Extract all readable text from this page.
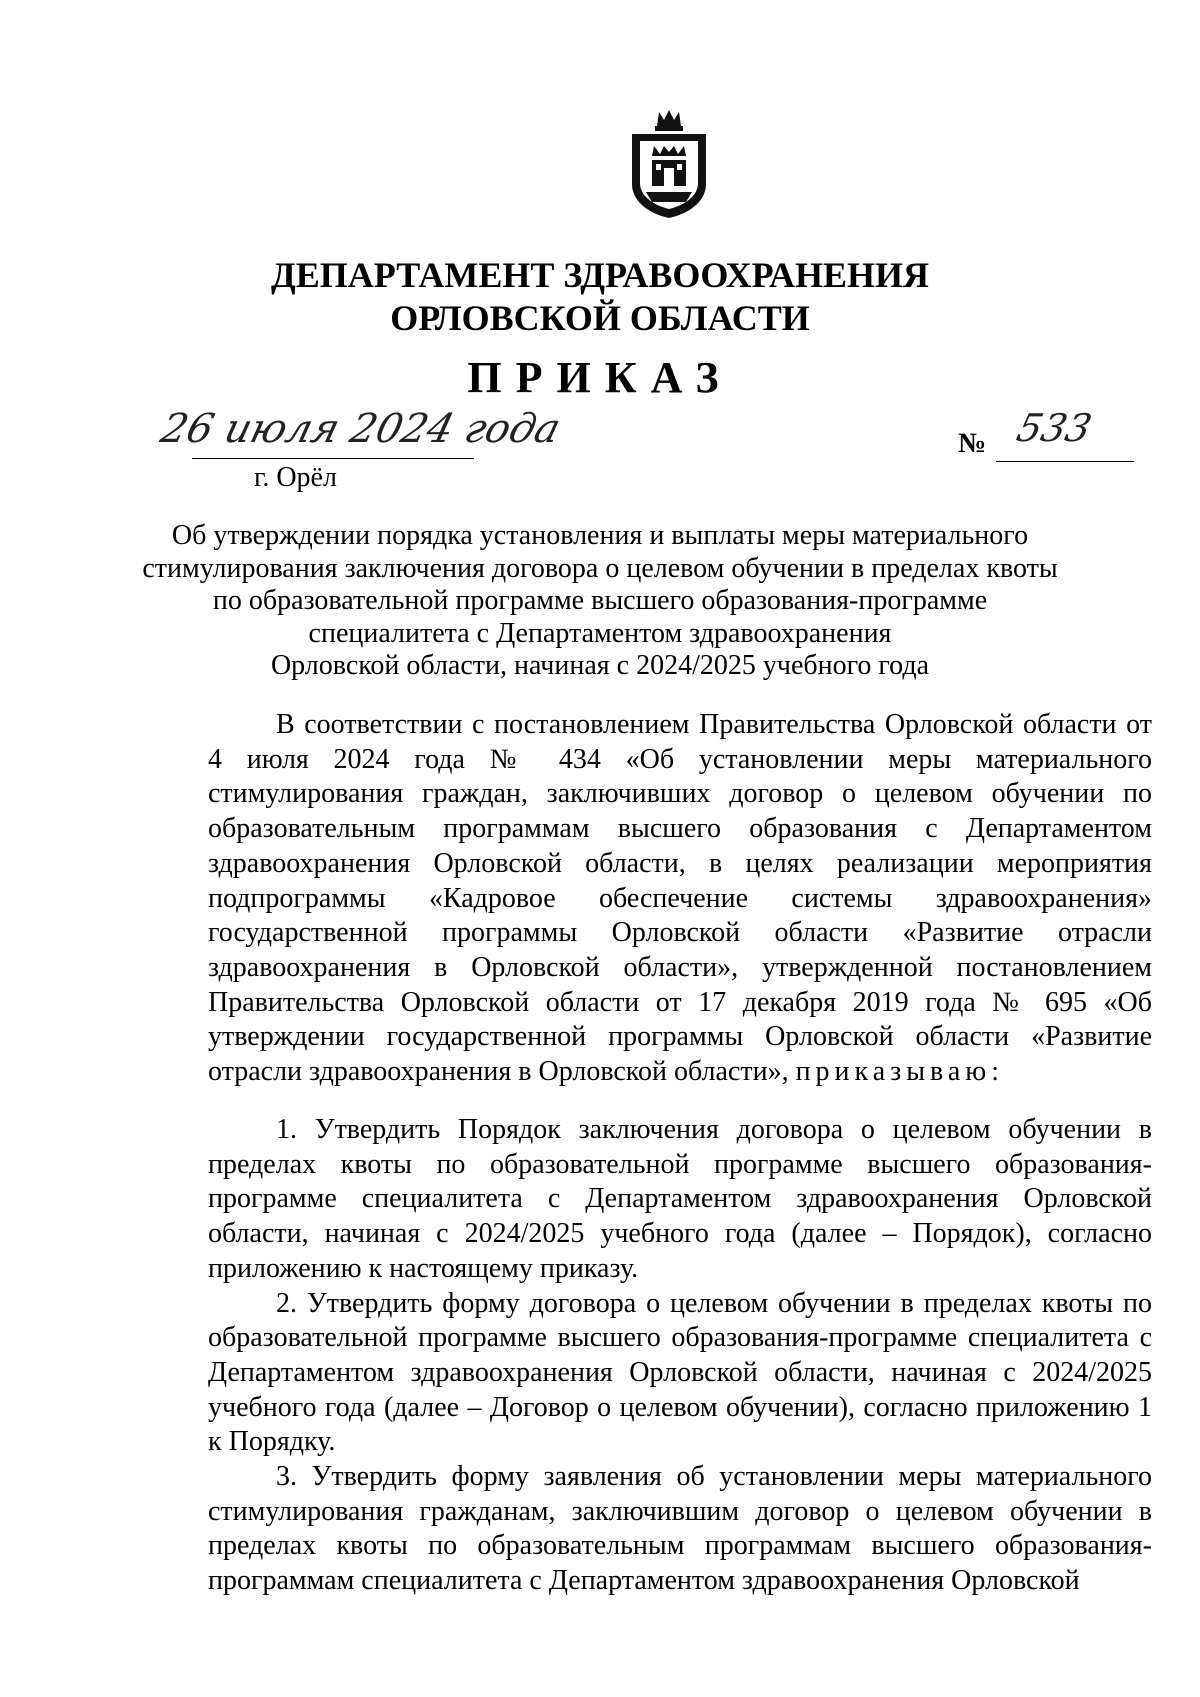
ДЕПАРТАМЕНТ ЗДРАВООХРАНЕНИЯ
ОРЛОВСКОЙ ОБЛАСТИ
ПРИКАЗ
26 июля 2024 года	№ 533
г. Орёл
Об утверждении порядка установления и выплаты меры материального
стимулирования заключения договора о целевом обучении в пределах квоты
по образовательной программе высшего образования-программе
специалитета с Департаментом здравоохранения
Орловской области, начиная с 2024/2025 учебного года

В соответствии с постановлением Правительства Орловской области от 4 июля 2024 года № 434 «Об установлении меры материального стимулирования граждан, заключивших договор о целевом обучении по образовательным программам высшего образования с Департаментом здравоохранения Орловской области, в целях реализации мероприятия подпрограммы «Кадровое обеспечение системы здравоохранения» государственной программы Орловской области «Развитие отрасли здравоохранения в Орловской области», утвержденной постановлением Правительства Орловской области от 17 декабря 2019 года № 695 «Об утверждении государственной программы Орловской области «Развитие отрасли здравоохранения в Орловской области», приказываю:

1. Утвердить Порядок заключения договора о целевом обучении в пределах квоты по образовательной программе высшего образования-программе специалитета с Департаментом здравоохранения Орловской области, начиная с 2024/2025 учебного года (далее – Порядок), согласно приложению к настоящему приказу.

2. Утвердить форму договора о целевом обучении в пределах квоты по образовательной программе высшего образования-программе специалитета с Департаментом здравоохранения Орловской области, начиная с 2024/2025 учебного года (далее – Договор о целевом обучении), согласно приложению 1 к Порядку.

3. Утвердить форму заявления об установлении меры материального стимулирования гражданам, заключившим договор о целевом обучении в пределах квоты по образовательным программам высшего образования-программам специалитета с Департаментом здравоохранения Орловской
